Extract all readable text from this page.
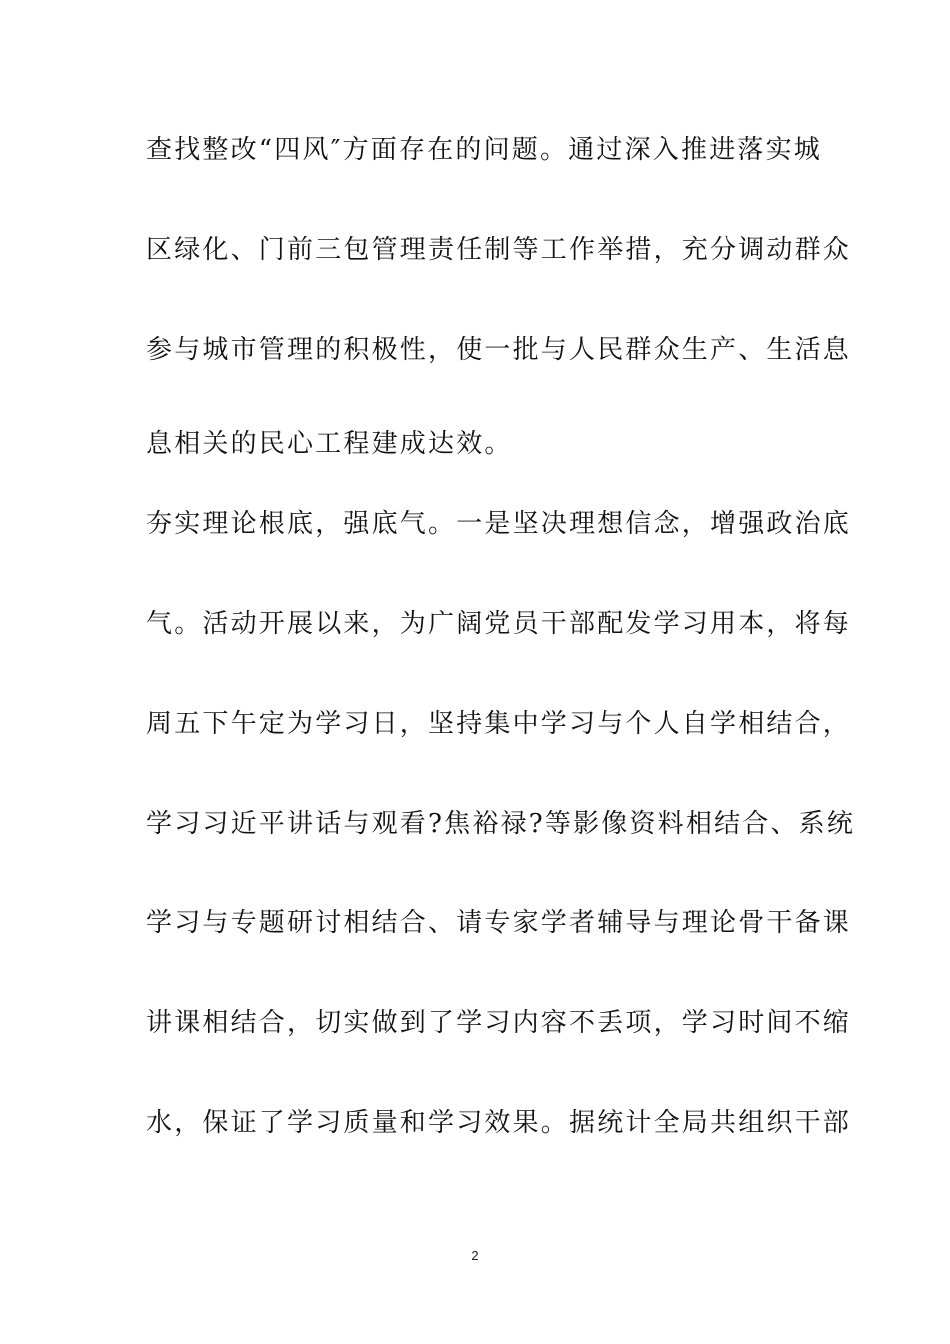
查找整改“四风″方面存在的问题。通过深入推进落实城
区绿化、门前三包管理责任制等工作举措，充分调动群众
参与城市管理的积极性，使一批与人民群众生产、生活息
息相关的民心工程建成达效。
夯实理论根底，强底气。一是坚决理想信念，增强政治底
气。活动开展以来，为广阔党员干部配发学习用本，将每
周五下午定为学习日，坚持集中学习与个人自学相结合，
学习习近平讲话与观看?焦裕禄?等影像资料相结合、系统
学习与专题研讨相结合、请专家学者辅导与理论骨干备课
讲课相结合，切实做到了学习内容不丢项，学习时间不缩
水，保证了学习质量和学习效果。据统计全局共组织干部
2
